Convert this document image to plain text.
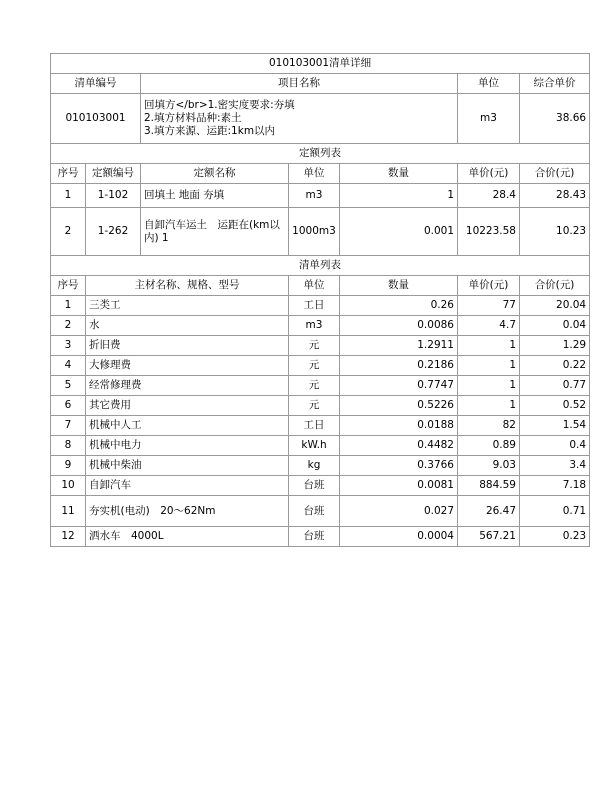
010103001清单详细						
清单编号		项目名称			单位	综合单价
010103001		回填方</br>1.密实度要求:夯填
2.填方材料品种:素土
3.填方来源、运距:1km以内			m3	38.66
定额列表						
序号	定额编号	定额名称	单位	数量	单价(元)	合价(元)
1	1-102	回填土 地面 夯填	m3	1	28.4	28.43
2	1-262	自卸汽车运土　运距在(km以内) 1	1000m3	0.001	10223.58	10.23
清单列表						
序号	主材名称、规格、型号		单位	数量	单价(元)	合价(元)
1	三类工		工日	0.26	77	20.04
2	水		m3	0.0086	4.7	0.04
3	折旧费		元	1.2911	1	1.29
4	大修理费		元	0.2186	1	0.22
5	经常修理费		元	0.7747	1	0.77
6	其它费用		元	0.5226	1	0.52
7	机械中人工		工日	0.0188	82	1.54
8	机械中电力		kW.h	0.4482	0.89	0.4
9	机械中柴油		kg	0.3766	9.03	3.4
10	自卸汽车		台班	0.0081	884.59	7.18
11	夯实机(电动)　20～62Nm		台班	0.027	26.47	0.71
12	洒水车　4000L		台班	0.0004	567.21	0.23
